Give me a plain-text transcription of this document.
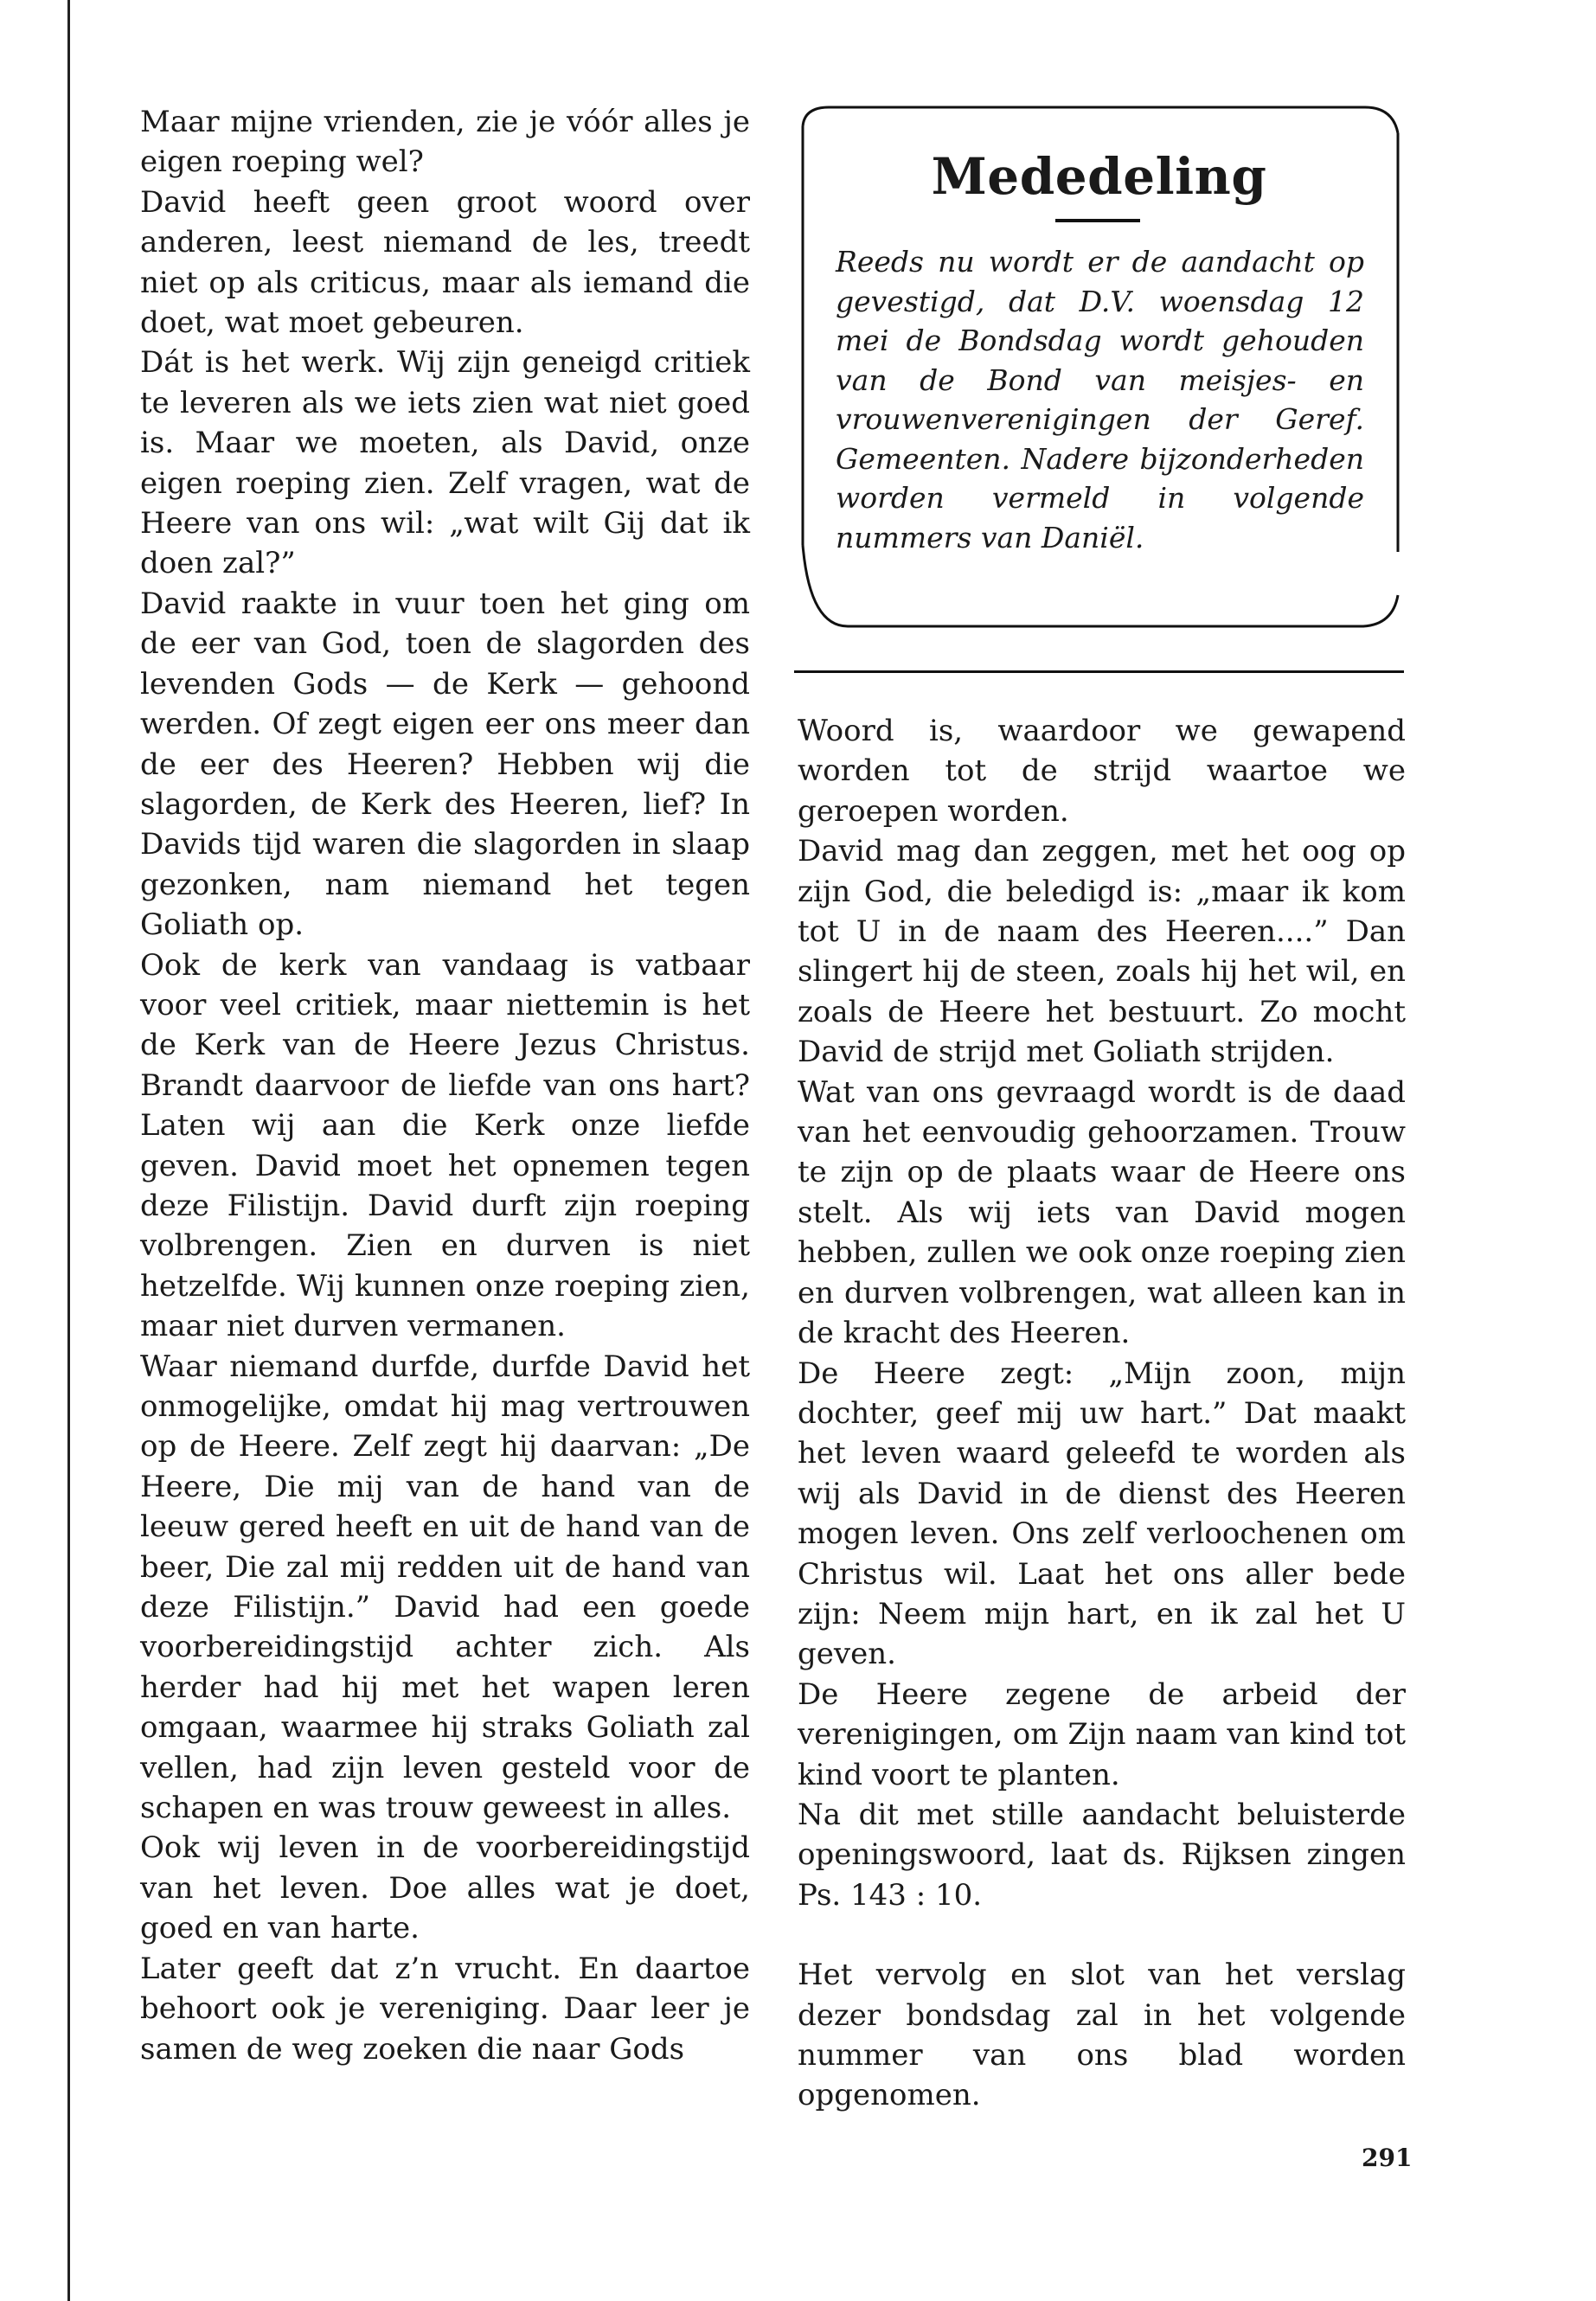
Maar mijne vrienden, zie je vóór alles je eigen roeping wel?

David heeft geen groot woord over anderen, leest niemand de les, treedt niet op als criticus, maar als iemand die doet, wat moet gebeuren.

Dát is het werk. Wij zijn geneigd critiek te leveren als we iets zien wat niet goed is. Maar we moeten, als David, onze eigen roeping zien. Zelf vragen, wat de Heere van ons wil: „wat wilt Gij dat ik doen zal?”

David raakte in vuur toen het ging om de eer van God, toen de slagorden des levenden Gods — de Kerk — gehoond werden. Of zegt eigen eer ons meer dan de eer des Heeren? Hebben wij die slagorden, de Kerk des Heeren, lief? In Davids tijd waren die slagorden in slaap gezonken, nam niemand het tegen Goliath op.

Ook de kerk van vandaag is vatbaar voor veel critiek, maar niettemin is het de Kerk van de Heere Jezus Christus. Brandt daarvoor de liefde van ons hart? Laten wij aan die Kerk onze liefde geven. David moet het opnemen tegen deze Filistijn. David durft zijn roeping volbrengen. Zien en durven is niet hetzelfde. Wij kunnen onze roeping zien, maar niet durven vermanen.

Waar niemand durfde, durfde David het onmogelijke, omdat hij mag vertrouwen op de Heere. Zelf zegt hij daarvan: „De Heere, Die mij van de hand van de leeuw gered heeft en uit de hand van de beer, Die zal mij redden uit de hand van deze Filistijn.” David had een goede voorbereidingstijd achter zich. Als herder had hij met het wapen leren omgaan, waarmee hij straks Goliath zal vellen, had zijn leven gesteld voor de schapen en was trouw geweest in alles.

Ook wij leven in de voorbereidingstijd van het leven. Doe alles wat je doet, goed en van harte.

Later geeft dat z’n vrucht. En daartoe behoort ook je vereniging. Daar leer je samen de weg zoeken die naar Gods

Mededeling
Reeds nu wordt er de aandacht op gevestigd, dat D.V. woensdag 12 mei de Bondsdag wordt gehouden van de Bond van meisjes- en vrouwenverenigingen der Geref. Gemeenten. Nadere bijzonderheden worden vermeld in volgende nummers van Daniël.

Woord is, waardoor we gewapend worden tot de strijd waartoe we geroepen worden.

David mag dan zeggen, met het oog op zijn God, die beledigd is: „maar ik kom tot U in de naam des Heeren....” Dan slingert hij de steen, zoals hij het wil, en zoals de Heere het bestuurt. Zo mocht David de strijd met Goliath strijden.

Wat van ons gevraagd wordt is de daad van het eenvoudig gehoorzamen. Trouw te zijn op de plaats waar de Heere ons stelt. Als wij iets van David mogen hebben, zullen we ook onze roeping zien en durven volbrengen, wat alleen kan in de kracht des Heeren.

De Heere zegt: „Mijn zoon, mijn dochter, geef mij uw hart.” Dat maakt het leven waard geleefd te worden als wij als David in de dienst des Heeren mogen leven. Ons zelf verloochenen om Christus wil. Laat het ons aller bede zijn: Neem mijn hart, en ik zal het U geven.

De Heere zegene de arbeid der verenigingen, om Zijn naam van kind tot kind voort te planten.

Na dit met stille aandacht beluisterde openingswoord, laat ds. Rijksen zingen Ps. 143 : 10.

Het vervolg en slot van het verslag dezer bondsdag zal in het volgende nummer van ons blad worden opgenomen.

291
